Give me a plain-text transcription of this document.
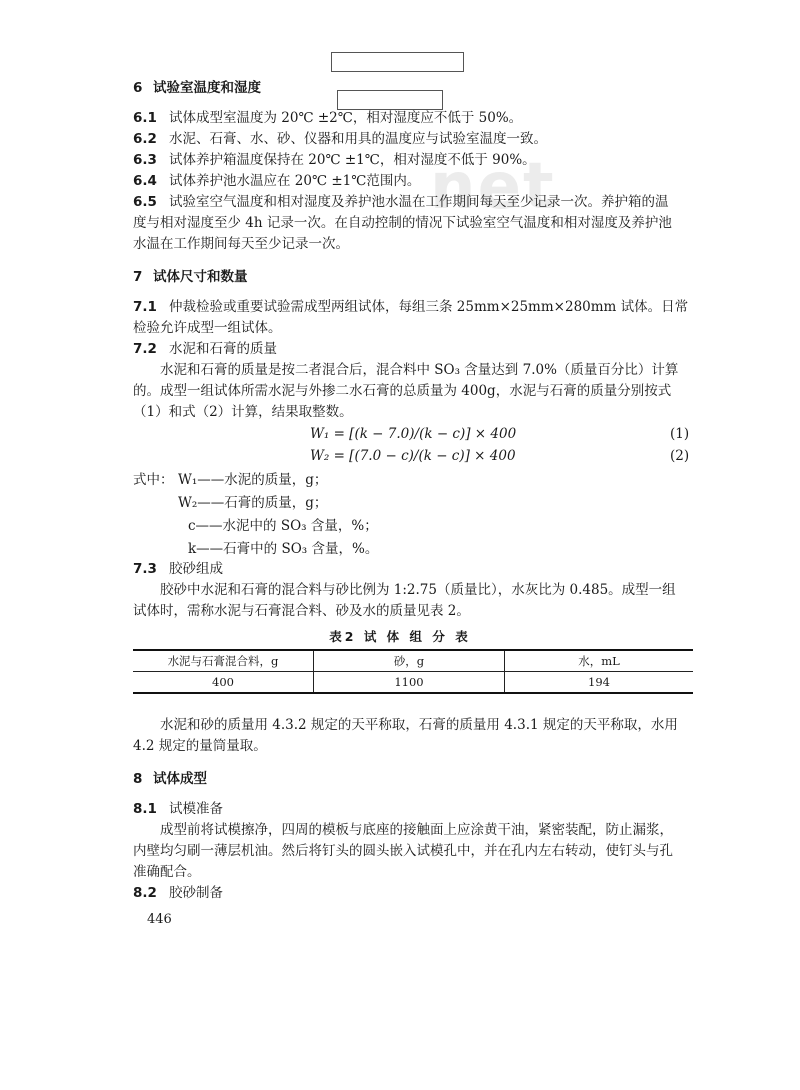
net
6 试验室温度和湿度
6.1 试体成型室温度为 20℃ ±2℃，相对湿度应不低于 50%。
6.2 水泥、石膏、水、砂、仪器和用具的温度应与试验室温度一致。
6.3 试体养护箱温度保持在 20℃ ±1℃，相对湿度不低于 90%。
6.4 试体养护池水温应在 20℃ ±1℃范围内。
6.5 试验室空气温度和相对湿度及养护池水温在工作期间每天至少记录一次。养护箱的温
度与相对湿度至少 4h 记录一次。在自动控制的情况下试验室空气温度和相对湿度及养护池
水温在工作期间每天至少记录一次。
7 试体尺寸和数量
7.1 仲裁检验或重要试验需成型两组试体，每组三条 25mm×25mm×280mm 试体。日常
检验允许成型一组试体。
7.2 水泥和石膏的质量
水泥和石膏的质量是按二者混合后，混合料中 SO₃ 含量达到 7.0%（质量百分比）计算
的。成型一组试体所需水泥与外掺二水石膏的总质量为 400g，水泥与石膏的质量分别按式
（1）和式（2）计算，结果取整数。
W₁ = [(k − 7.0)/(k − c)] × 400	(1)
W₂ = [(7.0 − c)/(k − c)] × 400	(2)
式中： W₁——水泥的质量，g；
W₂——石膏的质量，g；
c——水泥中的 SO₃ 含量，%；
k——石膏中的 SO₃ 含量，%。
7.3 胶砂组成
胶砂中水泥和石膏的混合料与砂比例为 1:2.75（质量比），水灰比为 0.485。成型一组
试体时，需称水泥与石膏混合料、砂及水的质量见表 2。
表2 试 体 组 分 表
水泥与石膏混合料，g	砂，g	水，mL
400	1100	194
水泥和砂的质量用 4.3.2 规定的天平称取，石膏的质量用 4.3.1 规定的天平称取，水用
4.2 规定的量筒量取。
8 试体成型
8.1 试模准备
成型前将试模擦净，四周的模板与底座的接触面上应涂黄干油，紧密装配，防止漏浆，
内壁均匀刷一薄层机油。然后将钉头的圆头嵌入试模孔中，并在孔内左右转动，使钉头与孔
准确配合。
8.2 胶砂制备
446
